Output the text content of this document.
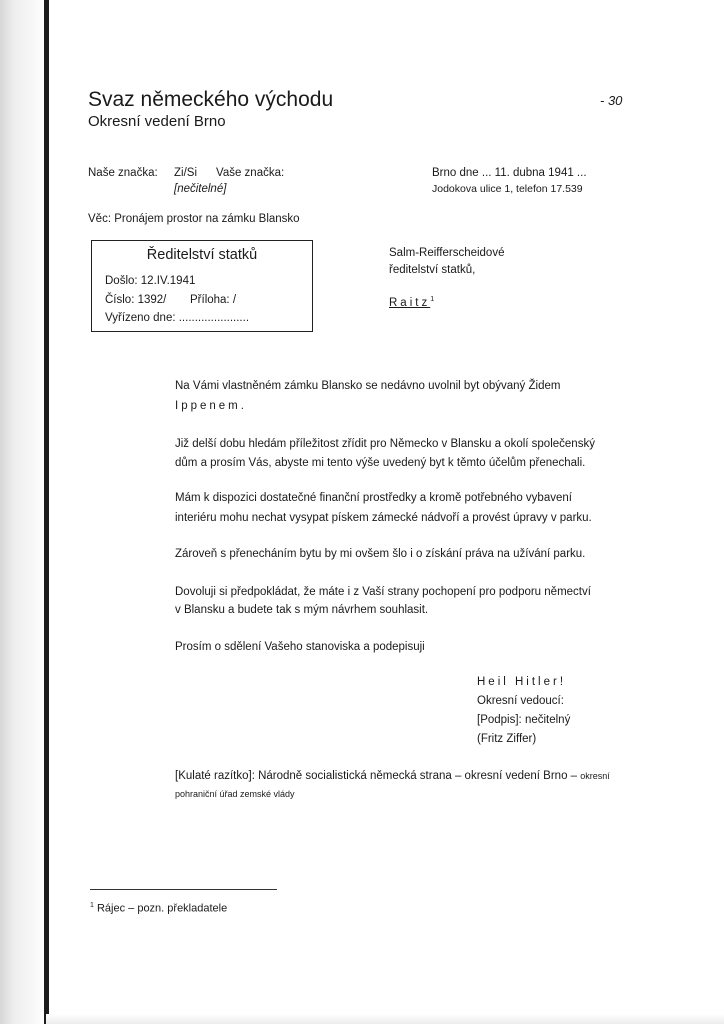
Svaz německého východu
Okresní vedení Brno
- 30
Naše značka: Zi/Si Vaše značka:
[nečitelné]
Brno dne ... 11. dubna 1941 ...
Jodokova ulice 1, telefon 17.539
Věc: Pronájem prostor na zámku Blansko
Ředitelství statků
Došlo: 12.IV.1941
Číslo: 1392/ Příloha: /
Vyřízeno dne: ......................
Salm-Reifferscheidové
ředitelství statků,
Raitz$^1$
Na Vámi vlastněném zámku Blansko se nedávno uvolnil byt obývaný Židem
Ippenem.
Již delší dobu hledám příležitost zřídit pro Německo v Blansku a okolí společenský
dům a prosím Vás, abyste mi tento výše uvedený byt k těmto účelům přenechali.
Mám k dispozici dostatečné finanční prostředky a kromě potřebného vybavení
interiéru mohu nechat vysypat pískem zámecké nádvoří a provést úpravy v parku.
Zároveň s přenecháním bytu by mi ovšem šlo i o získání práva na užívání parku.
Dovoluji si předpokládat, že máte i z Vaší strany pochopení pro podporu němectví
v Blansku a budete tak s mým návrhem souhlasit.
Prosím o sdělení Vašeho stanoviska a podepisuji
Heil Hitler!
Okresní vedoucí:
[Podpis]: nečitelný
(Fritz Ziffer)
[Kulaté razítko]: Národně socialistická německá strana – okresní vedení Brno – okresní
pohraniční úřad zemské vlády
$^1$ Rájec – pozn. překladatele
